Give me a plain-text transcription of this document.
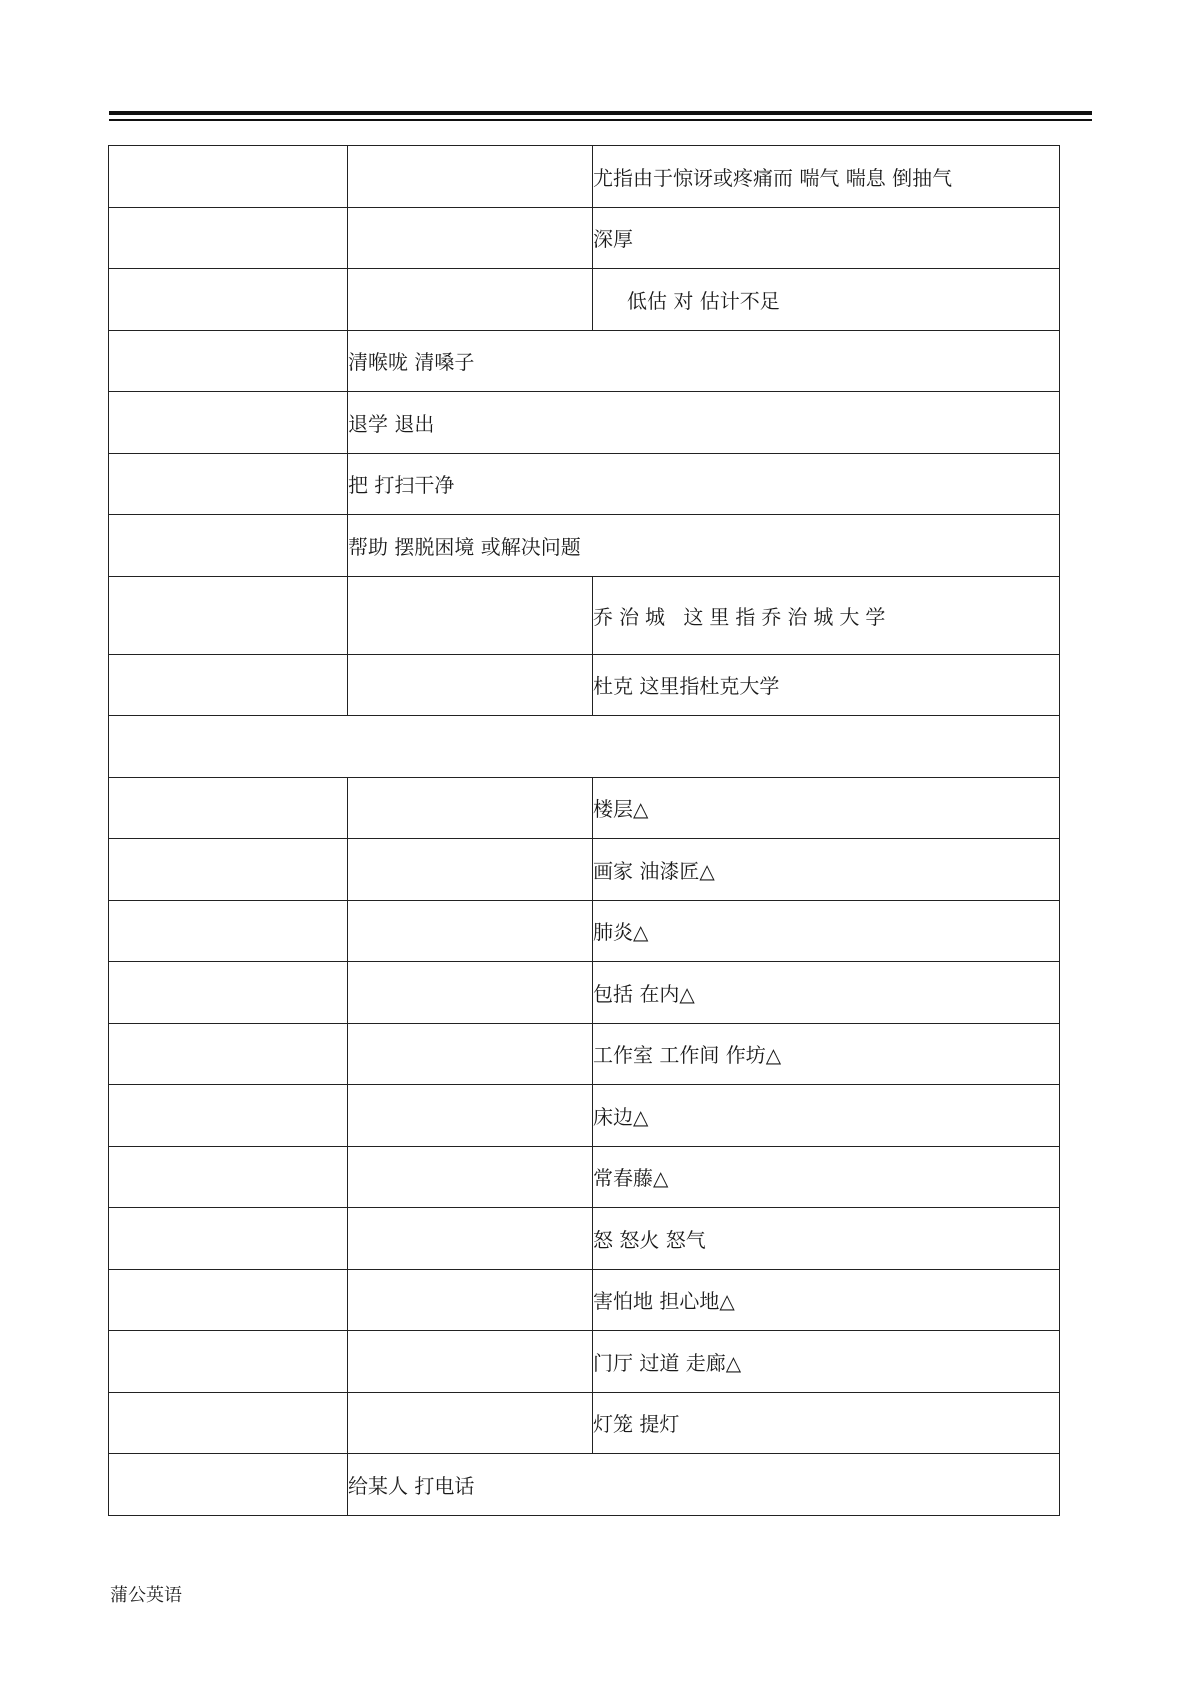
		尤指由于惊讶或疼痛而 喘气 喘息 倒抽气
		深厚
		低估 对 估计不足
	清喉咙 清嗓子	
	退学 退出	
	把 打扫干净	
	帮助 摆脱困境 或解决问题	
		乔治城 这里指乔治城大学
		杜克 这里指杜克大学

		楼层△
		画家 油漆匠△
		肺炎△
		包括 在内△
		工作室 工作间 作坊△
		床边△
		常春藤△
		怒 怒火 怒气
		害怕地 担心地△
		门厅 过道 走廊△
		灯笼 提灯
	给某人 打电话	
蒲公英语
